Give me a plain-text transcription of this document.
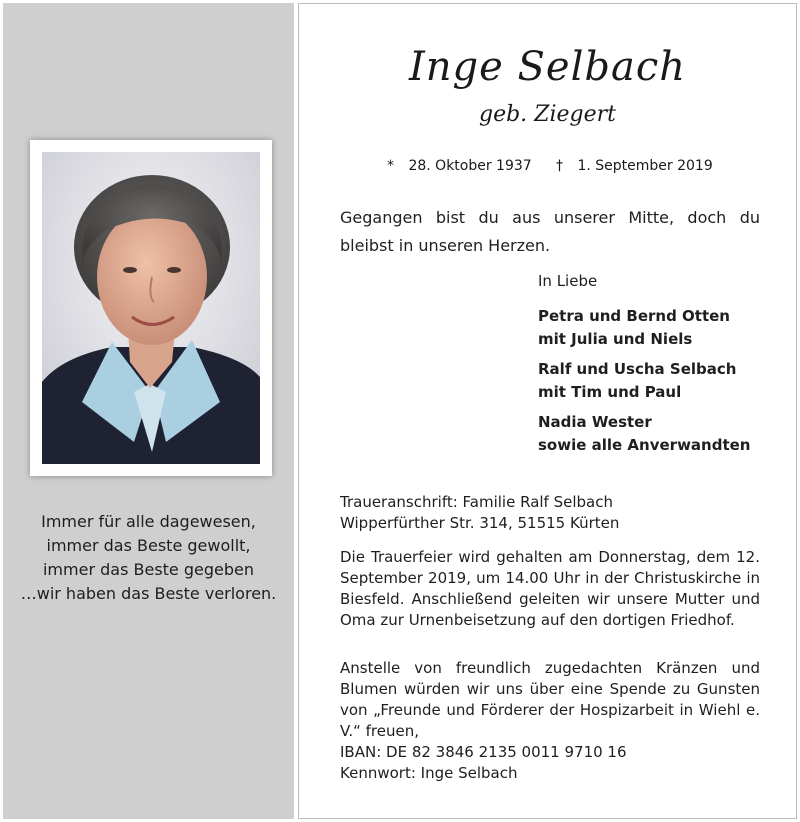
Immer für alle dagewesen,
immer das Beste gewollt,
immer das Beste gegeben
…wir haben das Beste verloren.
Inge Selbach
geb. Ziegert
* 28. Oktober 1937 † 1. September 2019
Gegangen bist du aus unserer Mitte, doch du bleibst in unseren Herzen.
In Liebe
Petra und Bernd Otten
mit Julia und Niels
Ralf und Uscha Selbach
mit Tim und Paul
Nadia Wester
sowie alle Anverwandten
Traueranschrift: Familie Ralf Selbach
Wipperfürther Str. 314, 51515 Kürten
Die Trauerfeier wird gehalten am Donnerstag, dem 12. September 2019, um 14.00 Uhr in der Christuskirche in Biesfeld. Anschließend geleiten wir unsere Mutter und Oma zur Urnenbeisetzung auf den dortigen Friedhof.
Anstelle von freundlich zugedachten Kränzen und Blumen würden wir uns über eine Spende zu Gunsten von „Freunde und Förderer der Hospizarbeit in Wiehl e. V.“ freuen,
IBAN: DE 82 3846 2135 0011 9710 16
Kennwort: Inge Selbach
